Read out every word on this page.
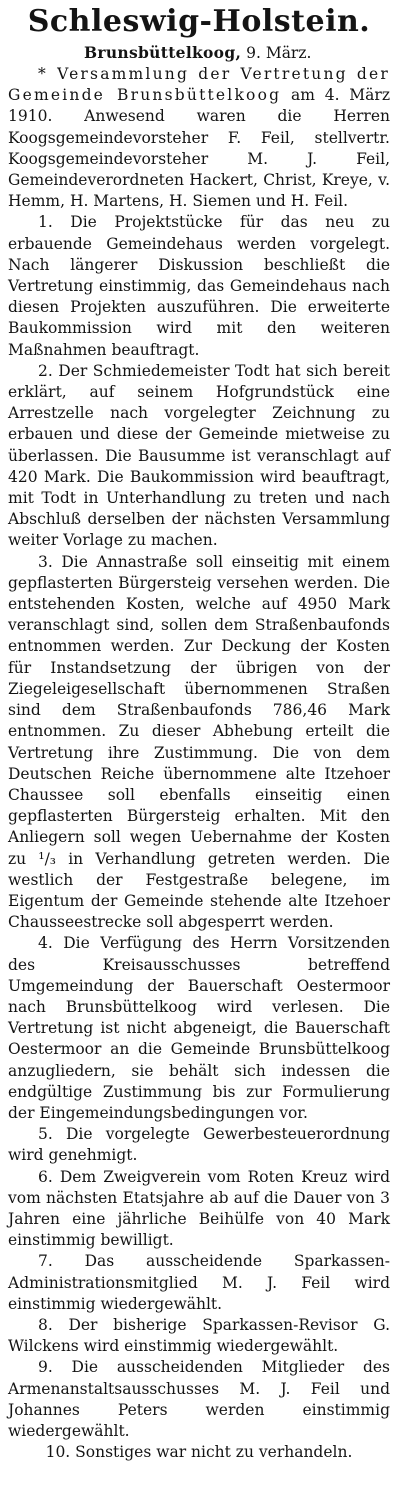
Schleswig-Holstein.

Brunsbüttelkoog, 9. März.

* Versammlung der Vertretung der Gemeinde Brunsbüttelkoog am 4. März 1910. Anwesend waren die Herren Koogsgemeindevorsteher F. Feil, stellvertr. Koogsgemeindevorsteher M. J. Feil, Gemeindeverordneten Hackert, Christ, Kreye, v. Hemm, H. Martens, H. Siemen und H. Feil.

1. Die Projektstücke für das neu zu erbauende Gemeindehaus werden vorgelegt. Nach längerer Diskussion beschließt die Vertretung einstimmig, das Gemeindehaus nach diesen Projekten auszuführen. Die erweiterte Baukommission wird mit den weiteren Maßnahmen beauftragt.

2. Der Schmiedemeister Todt hat sich bereit erklärt, auf seinem Hofgrundstück eine Arrestzelle nach vorgelegter Zeichnung zu erbauen und diese der Gemeinde mietweise zu überlassen. Die Bausumme ist veranschlagt auf 420 Mark. Die Baukommission wird beauftragt, mit Todt in Unterhandlung zu treten und nach Abschluß derselben der nächsten Versammlung weiter Vorlage zu machen.

3. Die Annastraße soll einseitig mit einem gepflasterten Bürgersteig versehen werden. Die entstehenden Kosten, welche auf 4950 Mark veranschlagt sind, sollen dem Straßenbaufonds entnommen werden. Zur Deckung der Kosten für Instandsetzung der übrigen von der Ziegeleigesellschaft übernommenen Straßen sind dem Straßenbaufonds 786,46 Mark entnommen. Zu dieser Abhebung erteilt die Vertretung ihre Zustimmung. Die von dem Deutschen Reiche übernommene alte Itzehoer Chaussee soll ebenfalls einseitig einen gepflasterten Bürgersteig erhalten. Mit den Anliegern soll wegen Uebernahme der Kosten zu ¹/₃ in Verhandlung getreten werden. Die westlich der Festgestraße belegene, im Eigentum der Gemeinde stehende alte Itzehoer Chausseestrecke soll abgesperrt werden.

4. Die Verfügung des Herrn Vorsitzenden des Kreisausschusses betreffend Umgemeindung der Bauerschaft Oestermoor nach Brunsbüttelkoog wird verlesen. Die Vertretung ist nicht abgeneigt, die Bauerschaft Oestermoor an die Gemeinde Brunsbüttelkoog anzugliedern, sie behält sich indessen die endgültige Zustimmung bis zur Formulierung der Eingemeindungsbedingungen vor.

5. Die vorgelegte Gewerbesteuerordnung wird genehmigt.

6. Dem Zweigverein vom Roten Kreuz wird vom nächsten Etatsjahre ab auf die Dauer von 3 Jahren eine jährliche Beihülfe von 40 Mark einstimmig bewilligt.

7. Das ausscheidende Sparkassen-Administrationsmitglied M. J. Feil wird einstimmig wiedergewählt.

8. Der bisherige Sparkassen-Revisor G. Wilckens wird einstimmig wiedergewählt.

9. Die ausscheidenden Mitglieder des Armenanstaltsausschusses M. J. Feil und Johannes Peters werden einstimmig wiedergewählt.

10. Sonstiges war nicht zu verhandeln.
